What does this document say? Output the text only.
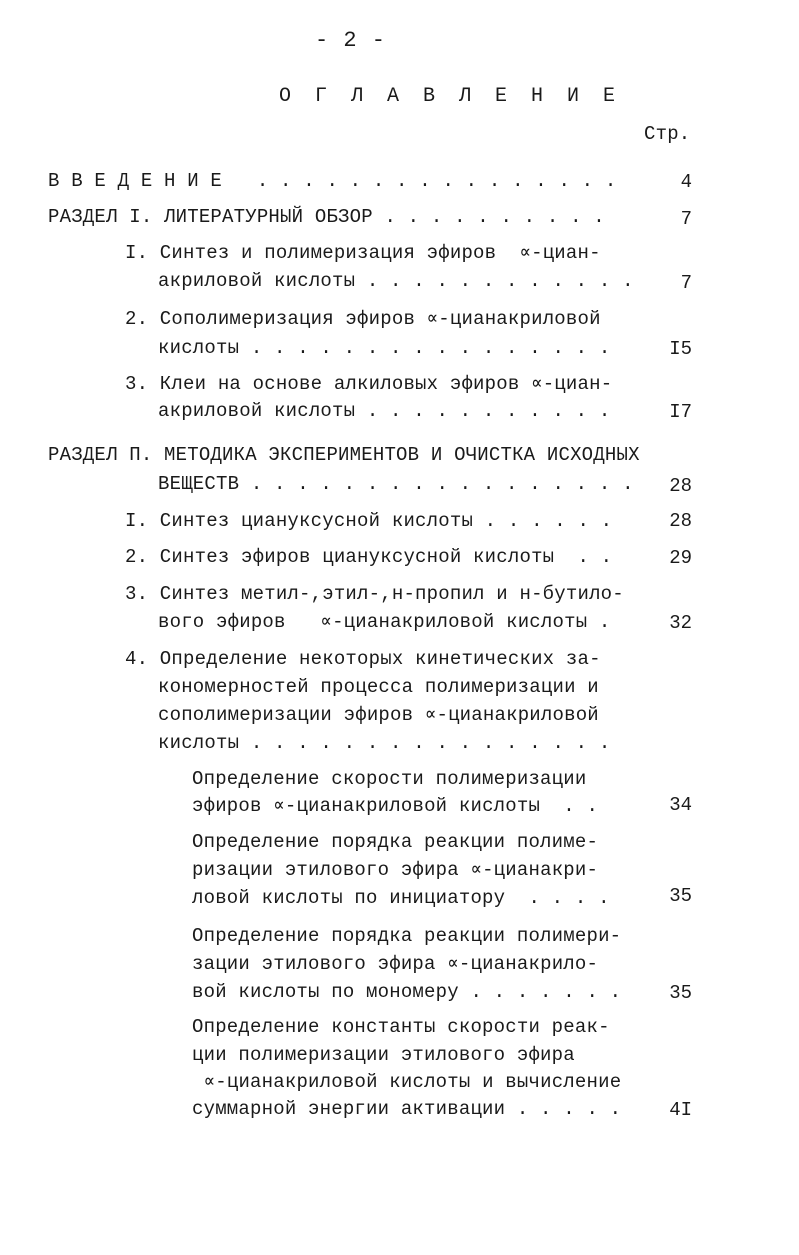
- 2 -
О Г Л А В Л Е Н И Е
Стр.
В В Е Д Е Н И Е   . . . . . . . . . . . . . . . .	4
РАЗДЕЛ I. ЛИТЕРАТУРНЫЙ ОБЗОР . . . . . . . . . .	7
I. Синтез и полимеризация эфиров  ∝-циан-
акриловой кислоты . . . . . . . . . . . . 7
2. Сополимеризация эфиров ∝-цианакриловой
кислоты . . . . . . . . . . . . . . . .	I5
3. Клеи на основе алкиловых эфиров ∝-циан-
акриловой кислоты . . . . . . . . . . .	I7
РАЗДЕЛ П. МЕТОДИКА ЭКСПЕРИМЕНТОВ И ОЧИСТКА ИСХОДНЫХ
ВЕЩЕСТВ . . . . . . . . . . . . . . . . . 28
I. Синтез циануксусной кислоты . . . . . .	28
2. Синтез эфиров циануксусной кислоты  . .	29
3. Синтез метил-,этил-,н-пропил и н-бутило-
вого эфиров   ∝-цианакриловой кислоты .	32
4. Определение некоторых кинетических за-
кономерностей процесса полимеризации и
сополимеризации эфиров ∝-цианакриловой
кислоты . . . . . . . . . . . . . . . .
Определение скорости полимеризации
эфиров ∝-цианакриловой кислоты  . .	34
Определение порядка реакции полиме-
ризации этилового эфира ∝-цианакри-
ловой кислоты по инициатору  . . . .	35
Определение порядка реакции полимери-
зации этилового эфира ∝-цианакрило-
вой кислоты по мономеру . . . . . . .	35
Определение константы скорости реак-
ции полимеризации этилового эфира
∝-цианакриловой кислоты и вычисление
суммарной энергии активации . . . . .	4I
